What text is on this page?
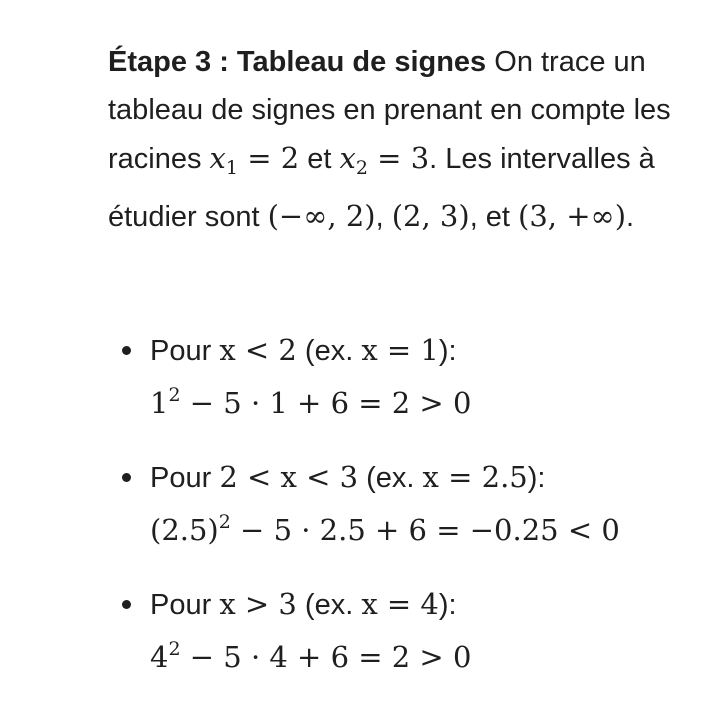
Étape 3 : Tableau de signes On trace un tableau de signes en prenant en compte les racines $x_1 = 2$ et $x_2 = 3$. Les intervalles à étudier sont (−∞, 2), (2, 3), et (3, +∞).

Pour x < 2 (ex. x = 1):
$1^2 - 5 \cdot 1 + 6 = 2 > 0$
Pour 2 < x < 3 (ex. x = 2.5):
$(2.5)^2 - 5 \cdot 2.5 + 6 = -0.25 < 0$
Pour x > 3 (ex. x = 4):
$4^2 - 5 \cdot 4 + 6 = 2 > 0$
